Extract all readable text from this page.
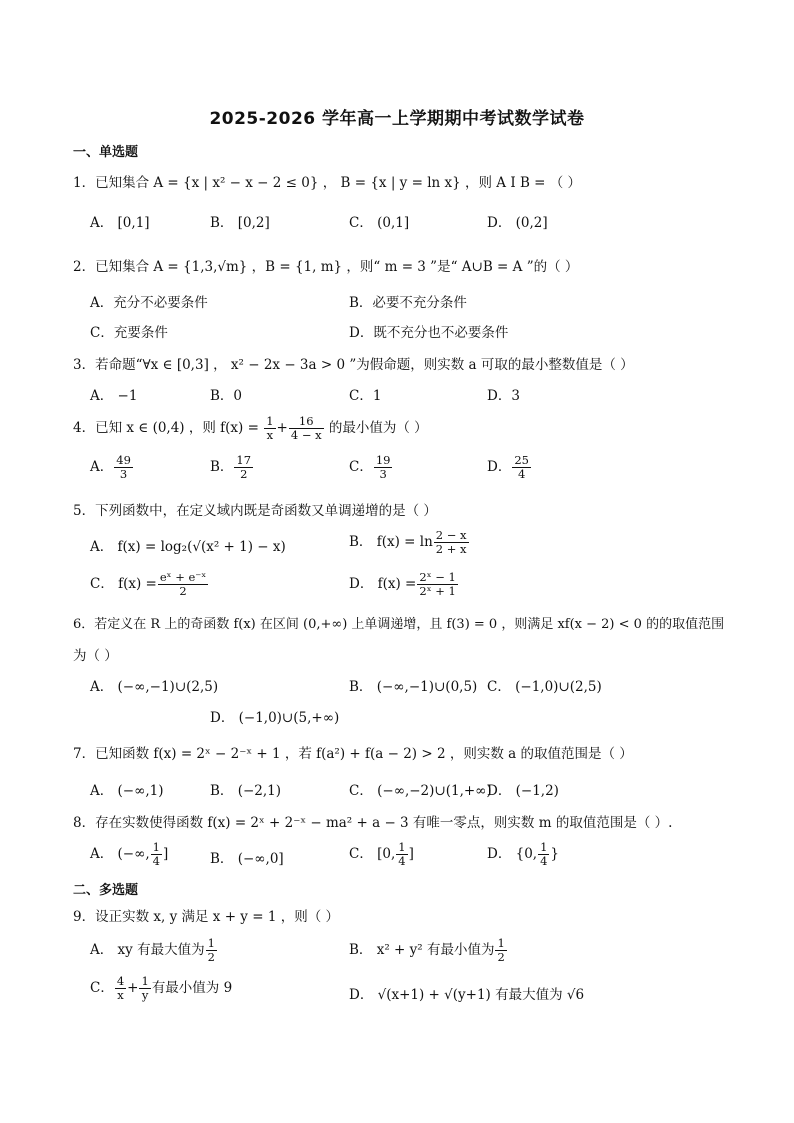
2025-2026 学年高一上学期期中考试数学试卷
一、单选题
1．已知集合 A = {x | x² − x − 2 ≤ 0} ， B = {x | y = ln x} ，则 A I B = （ ）
A． [0,1]	B． [0,2]	C． (0,1]	D． (0,2]
2．已知集合 A = {1,3,√m} ，B = {1, m} ，则“ m = 3 ”是“ A∪B = A ”的（ ）
A．充分不必要条件	B．必要不充分条件
C．充要条件	D．既不充分也不必要条件
3．若命题“∀x ∈ [0,3] ， x² − 2x − 3a > 0 ”为假命题，则实数 a 可取的最小整数值是（ ）
A． −1	B．0	C．1	D．3
4．已知 x ∈ (0,4) ，则 $f(x) = \frac{1}{x} + \frac{16}{4 - x}$ 的最小值为（ ）
A． $\frac{49}{3}$	B． $\frac{17}{2}$	C． $\frac{19}{3}$	D． $\frac{25}{4}$
5．下列函数中，在定义域内既是奇函数又单调递增的是（ ）
A． f(x) = log₂(√(x² + 1) − x)	B． $f(x) = \ln \frac{2 - x}{2 + x}$
C． $f(x) = \frac{\text{eˣ + e⁻ˣ}}{2}$	D． $f(x) = \frac{\text{2ˣ − 1}}{\text{2ˣ + 1}}$
6．若定义在 R 上的奇函数 f(x) 在区间 (0,+∞) 上单调递增，且 f(3) = 0 ，则满足 xf(x − 2) < 0 的的取值范围
为（ ）
A． (−∞,−1)∪(2,5)	B． (−∞,−1)∪(0,5) C． (−1,0)∪(2,5)
D． (−1,0)∪(5,+∞)
7．已知函数 f(x) = 2ˣ − 2⁻ˣ + 1 ，若 f(a²) + f(a − 2) > 2 ，则实数 a 的取值范围是（ ）
A． (−∞,1)	B． (−2,1)	C． (−∞,−2)∪(1,+∞)
D． (−1,2)
8．存在实数使得函数 f(x) = 2ˣ + 2⁻ˣ − ma² + a − 3 有唯一零点，则实数 m 的取值范围是（ ）.
A． (−∞, $\frac{1}{4}$ ]	B． (−∞,0]	C． [0, $\frac{1}{4}$ ]	D． {0, $\frac{1}{4}$ }
二、多选题
9．设正实数 x, y 满足 x + y = 1 ，则（ ）
A． xy 有最大值为 $\frac{1}{2}$	B． x² + y² 有最小值为 $\frac{1}{2}$
C． $\frac{4}{x} + \frac{1}{y}$ 有最小值为 9	D． √(x+1) + √(y+1) 有最大值为 √6
